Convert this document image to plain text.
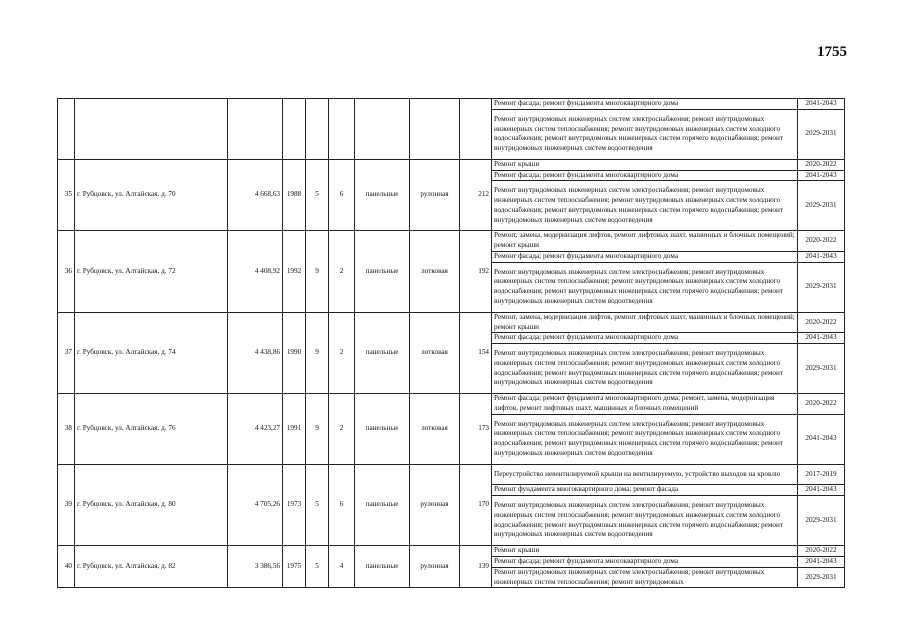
1755
									Ремонт фасада; ремонт фундамента многоквартирного дома	2041-2043
									Ремонт внутридомовых инженерных систем электроснабжения; ремонт внутридомовых инженерных систем теплоснабжения; ремонт внутридомовых инженерных систем холодного водоснабжения; ремонт внутридомовых инженерных систем горячего водоснабжения; ремонт внутридомовых инженерных систем водоотведения	2029-2031
35	г. Рубцовск, ул. Алтайская, д. 70	4 668,63	1988	5	6	панельные	рулонная	212	Ремонт крыши	2020-2022
									Ремонт фасада; ремонт фундамента многоквартирного дома	2041-2043
									Ремонт внутридомовых инженерных систем электроснабжения; ремонт внутридомовых инженерных систем теплоснабжения; ремонт внутридомовых инженерных систем холодного водоснабжения; ремонт внутридомовых инженерных систем горячего водоснабжения; ремонт внутридомовых инженерных систем водоотведения	2029-2031
36	г. Рубцовск, ул. Алтайская, д. 72	4 408,92	1992	9	2	панельные	лотковая	192	Ремонт, замена, модернизация лифтов, ремонт лифтовых шахт, машинных и блочных помещений; ремонт крыши	2020-2022
									Ремонт фасада; ремонт фундамента многоквартирного дома	2041-2043
									Ремонт внутридомовых инженерных систем электроснабжения; ремонт внутридомовых инженерных систем теплоснабжения; ремонт внутридомовых инженерных систем холодного водоснабжения; ремонт внутридомовых инженерных систем горячего водоснабжения; ремонт внутридомовых инженерных систем водоотведения	2029-2031
37	г. Рубцовск, ул. Алтайская, д. 74	4 438,86	1990	9	2	панельные	лотковая	154	Ремонт, замена, модернизация лифтов, ремонт лифтовых шахт, машинных и блочных помещений; ремонт крыши	2020-2022
									Ремонт фасада; ремонт фундамента многоквартирного дома	2041-2043
									Ремонт внутридомовых инженерных систем электроснабжения; ремонт внутридомовых инженерных систем теплоснабжения; ремонт внутридомовых инженерных систем холодного водоснабжения; ремонт внутридомовых инженерных систем горячего водоснабжения; ремонт внутридомовых инженерных систем водоотведения	2029-2031
38	г. Рубцовск, ул. Алтайская, д. 76	4 423,27	1991	9	2	панельные	лотковая	173	Ремонт фасада; ремонт фундамента многоквартирного дома; ремонт, замена, модернизация лифтов, ремонт лифтовых шахт, машинных и блочных помещений	2020-2022
									Ремонт внутридомовых инженерных систем электроснабжения; ремонт внутридомовых инженерных систем теплоснабжения; ремонт внутридомовых инженерных систем холодного водоснабжения; ремонт внутридомовых инженерных систем горячего водоснабжения; ремонт внутридомовых инженерных систем водоотведения	2041-2043
39	г. Рубцовск, ул. Алтайская, д. 80	4 705,26	1973	5	6	панельные	рулонная	170	Переустройство невентилируемой крыши на вентилируемую, устройство выходов на кровлю	2017-2019
									Ремонт фундамента многоквартирного дома; ремонт фасада	2041-2043
									Ремонт внутридомовых инженерных систем электроснабжения; ремонт внутридомовых инженерных систем теплоснабжения; ремонт внутридомовых инженерных систем холодного водоснабжения; ремонт внутридомовых инженерных систем горячего водоснабжения; ремонт внутридомовых инженерных систем водоотведения	2029-2031
40	г. Рубцовск, ул. Алтайская, д. 82	3 386,56	1975	5	4	панельные	рулонная	139	Ремонт крыши	2020-2022
									Ремонт фасада; ремонт фундамента многоквартирного дома	2041-2043
									Ремонт внутридомовых инженерных систем электроснабжения; ремонт внутридомовых инженерных систем теплоснабжения; ремонт внутридомовых	2029-2031
